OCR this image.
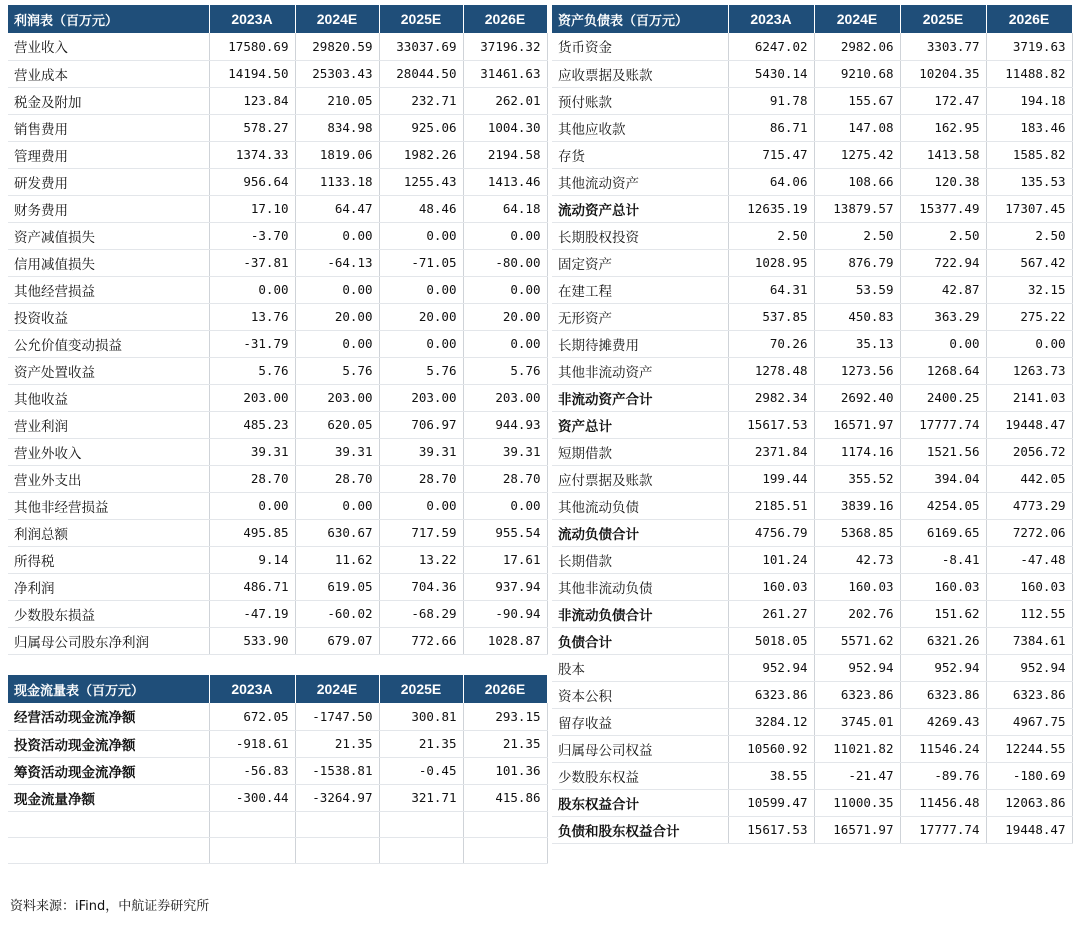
利润表（百万元）	2023A	2024E	2025E	2026E
营业收入	17580.69	29820.59	33037.69	37196.32
营业成本	14194.50	25303.43	28044.50	31461.63
税金及附加	123.84	210.05	232.71	262.01
销售费用	578.27	834.98	925.06	1004.30
管理费用	1374.33	1819.06	1982.26	2194.58
研发费用	956.64	1133.18	1255.43	1413.46
财务费用	17.10	64.47	48.46	64.18
资产减值损失	-3.70	0.00	0.00	0.00
信用减值损失	-37.81	-64.13	-71.05	-80.00
其他经营损益	0.00	0.00	0.00	0.00
投资收益	13.76	20.00	20.00	20.00
公允价值变动损益	-31.79	0.00	0.00	0.00
资产处置收益	5.76	5.76	5.76	5.76
其他收益	203.00	203.00	203.00	203.00
营业利润	485.23	620.05	706.97	944.93
营业外收入	39.31	39.31	39.31	39.31
营业外支出	28.70	28.70	28.70	28.70
其他非经营损益	0.00	0.00	0.00	0.00
利润总额	495.85	630.67	717.59	955.54
所得税	9.14	11.62	13.22	17.61
净利润	486.71	619.05	704.36	937.94
少数股东损益	-47.19	-60.02	-68.29	-90.94
归属母公司股东净利润	533.90	679.07	772.66	1028.87
现金流量表（百万元）	2023A	2024E	2025E	2026E
经营活动现金流净额	672.05	-1747.50	300.81	293.15
投资活动现金流净额	-918.61	21.35	21.35	21.35
筹资活动现金流净额	-56.83	-1538.81	-0.45	101.36
现金流量净额	-300.44	-3264.97	321.71	415.86

资产负债表（百万元）	2023A	2024E	2025E	2026E
货币资金	6247.02	2982.06	3303.77	3719.63
应收票据及账款	5430.14	9210.68	10204.35	11488.82
预付账款	91.78	155.67	172.47	194.18
其他应收款	86.71	147.08	162.95	183.46
存货	715.47	1275.42	1413.58	1585.82
其他流动资产	64.06	108.66	120.38	135.53
流动资产总计	12635.19	13879.57	15377.49	17307.45
长期股权投资	2.50	2.50	2.50	2.50
固定资产	1028.95	876.79	722.94	567.42
在建工程	64.31	53.59	42.87	32.15
无形资产	537.85	450.83	363.29	275.22
长期待摊费用	70.26	35.13	0.00	0.00
其他非流动资产	1278.48	1273.56	1268.64	1263.73
非流动资产合计	2982.34	2692.40	2400.25	2141.03
资产总计	15617.53	16571.97	17777.74	19448.47
短期借款	2371.84	1174.16	1521.56	2056.72
应付票据及账款	199.44	355.52	394.04	442.05
其他流动负债	2185.51	3839.16	4254.05	4773.29
流动负债合计	4756.79	5368.85	6169.65	7272.06
长期借款	101.24	42.73	-8.41	-47.48
其他非流动负债	160.03	160.03	160.03	160.03
非流动负债合计	261.27	202.76	151.62	112.55
负债合计	5018.05	5571.62	6321.26	7384.61
股本	952.94	952.94	952.94	952.94
资本公积	6323.86	6323.86	6323.86	6323.86
留存收益	3284.12	3745.01	4269.43	4967.75
归属母公司权益	10560.92	11021.82	11546.24	12244.55
少数股东权益	38.55	-21.47	-89.76	-180.69
股东权益合计	10599.47	11000.35	11456.48	12063.86
负债和股东权益合计	15617.53	16571.97	17777.74	19448.47
资料来源：iFind，中航证券研究所
